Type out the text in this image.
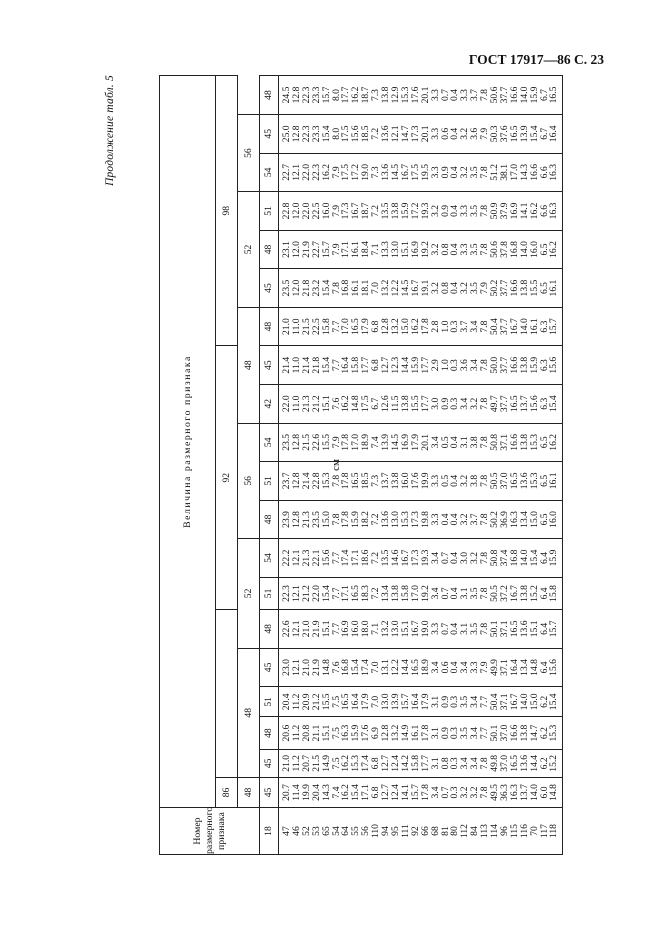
ГОСТ 17917—86 С. 23
Продолжение табл. 5
см
Номер размерного признака	Величина размерного признака																			
	86						92							98						
	48	48				52			56			48			52			56		
18	45	45	48	51	45	48	51	54	48	51	54	42	45	48	45	48	51	54	45	48
47	20.7	21.0	20.6	20.4	23.0	22.6	22.3	22.2	23.9	23.7	23.5	22.0	21.4	21.0	23.5	23.1	22.8	22.7	25.0	24.5
46	11.4	11.2	11.2	11.2	12.1	12.1	12.1	12.1	12.8	12.8	12.8	11.0	11.0	11.0	12.0	12.0	12.0	12.1	12.8	12.8
52	19.9	20.7	20.8	20.9	21.0	21.0	21.2	21.3	21.3	21.4	21.5	21.3	21.4	21.5	21.8	21.9	22.0	22.0	22.3	22.3
53	20.4	21.5	21.1	21.2	21.9	21.9	22.0	22.1	23.5	22.8	22.6	21.2	21.8	22.5	23.2	22.7	22.5	22.3	23.3	23.3
65	14.3	14.9	15.1	15.5	14.8	15.1	15.4	15.6	15.0	15.3	15.5	15.1	15.4	15.8	15.4	15.7	16.0	16.2	15.4	15.7
54	7.4	7.5	7.5	7.5	7.6	7.7	7.7	7.7	7.8	7.8	7.9	7.6	7.7	7.7	7.8	7.9	7.9	7.9	8.0	8.0
64	16.2	16.2	16.3	16.5	16.8	16.9	17.1	17.4	17.8	17.8	17.8	16.2	16.4	17.0	16.8	17.1	17.3	17.5	17.5	17.7
55	15.4	15.3	15.9	16.4	15.4	16.0	16.5	17.1	15.9	16.5	17.0	14.8	15.8	16.5	16.1	16.1	16.7	17.2	15.6	16.2
56	17.1	17.4	17.6	17.9	17.4	18.0	18.3	18.6	18.2	18.5	18.9	17.5	17.7	17.9	18.1	18.4	18.7	19.0	18.5	18.7
110	6.8	6.8	6.9	7.0	7.0	7.1	7.2	7.2	7.2	7.3	7.4	6.7	6.8	6.8	7.0	7.1	7.2	7.3	7.2	7.3
94	12.7	12.7	12.8	13.0	13.1	13.2	13.4	13.5	13.6	13.7	13.9	12.6	12.7	12.8	13.2	13.3	13.5	13.6	13.6	13.8
95	12.4	12.4	13.2	13.9	12.2	13.0	13.8	14.6	13.0	13.8	14.5	11.5	12.3	13.2	12.2	13.0	13.8	14.5	12.1	12.9
111	14.1	14.2	14.9	15.7	14.4	15.1	15.8	16.7	15.3	16.0	16.9	13.8	14.4	15.0	14.5	15.1	15.9	16.7	14.7	15.3
92	15.7	15.8	16.1	16.4	16.5	16.7	17.0	17.3	17.3	17.6	17.9	15.5	15.9	16.2	16.7	16.9	17.2	17.5	17.3	17.6
66	17.8	17.7	17.8	17.9	18.9	19.0	19.2	19.3	19.8	19.9	20.1	17.7	17.7	17.8	19.1	19.2	19.3	19.5	20.1	20.1
68	3.4	3.1	3.1	3.1	3.4	3.3	3.4	3.4	3.3	3.3	3.4	3.0	2.9	2.8	3.2	3.2	3.2	3.3	3.3	3.3
81	0.7	0.8	0.9	0.9	0.6	0.7	0.7	0.7	0.4	0.5	0.5	0.9	1.0	1.0	0.8	0.8	0.9	0.9	0.6	0.7
80	0.3	0.3	0.3	0.3	0.4	0.4	0.4	0.4	0.4	0.4	0.4	0.3	0.3	0.3	0.4	0.4	0.4	0.4	0.4	0.4
112	3.2	3.4	3.5	3.5	3.4	3.1	3.1	3.0	3.2	3.2	3.1	3.4	3.6	3.7	3.2	3.3	3.3	3.2	3.2	3.3
84	3.2	3.4	3.4	3.4	3.3	3.5	3.5	3.2	3.7	3.8	3.8	3.2	3.4	3.4	3.5	3.5	3.5	3.5	3.6	3.7
113	7.8	7.8	7.7	7.7	7.9	7.8	7.8	7.8	7.8	7.8	7.8	7.8	7.8	7.8	7.9	7.8	7.8	7.8	7.9	7.8
114	49.5	49.8	50.1	50.4	49.9	50.1	50.5	50.8	50.2	50.5	50.8	49.7	50.0	50.4	50.2	50.6	50.9	51.2	50.3	50.6
96	36.3	37.0	37.0	37.1	37.1	37.1	37.2	37.4	36.9	37.0	37.1	37.7	37.7	37.7	37.7	37.8	37.9	38.1	37.6	37.7
115	16.3	16.5	16.6	16.7	16.4	16.5	16.7	16.8	16.3	16.5	16.6	16.5	16.6	16.7	16.6	16.8	16.9	17.0	16.5	16.6
116	13.7	13.6	13.8	14.0	13.4	13.6	13.8	14.0	13.4	13.6	13.8	13.7	13.8	14.0	13.8	14.0	14.1	14.3	13.9	14.0
70	14.0	14.4	14.7	15.0	14.8	15.1	15.2	15.4	15.0	15.3	15.3	15.6	15.9	16.1	15.5	16.0	16.2	16.6	15.4	15.9
117	6.0	6.2	6.2	6.2	6.4	6.4	6.4	6.4	6.5	6.5	6.5	6.3	6.3	6.3	6.5	6.5	6.6	6.6	6.7	6.7
118	14.8	15.2	15.3	15.4	15.6	15.7	15.8	15.9	16.0	16.1	16.2	15.4	15.6	15.7	16.1	16.2	16.3	16.3	16.4	16.5
